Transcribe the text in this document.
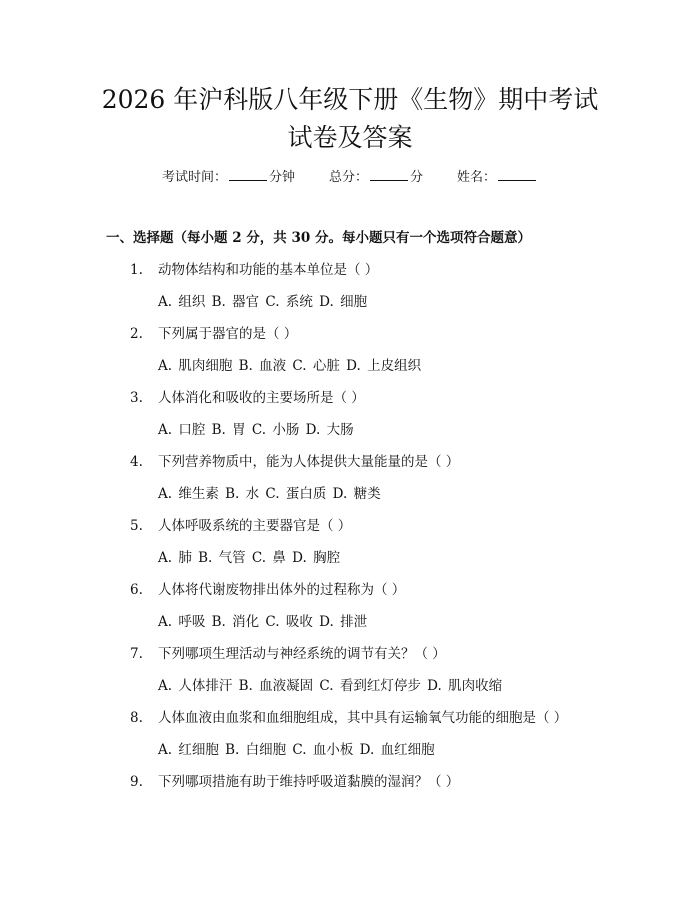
2026 年沪科版八年级下册《生物》期中考试
试卷及答案
考试时间：	分钟	总分：	分	姓名：
一、选择题（每小题 2 分，共 30 分。每小题只有一个选项符合题意）
1. 动物体结构和功能的基本单位是（ ）
A. 组织 B. 器官 C. 系统 D. 细胞
2. 下列属于器官的是（ ）
A. 肌肉细胞 B. 血液 C. 心脏 D. 上皮组织
3. 人体消化和吸收的主要场所是（ ）
A. 口腔 B. 胃 C. 小肠 D. 大肠
4. 下列营养物质中，能为人体提供大量能量的是（ ）
A. 维生素 B. 水 C. 蛋白质 D. 糖类
5. 人体呼吸系统的主要器官是（ ）
A. 肺 B. 气管 C. 鼻 D. 胸腔
6. 人体将代谢废物排出体外的过程称为（ ）
A. 呼吸 B. 消化 C. 吸收 D. 排泄
7. 下列哪项生理活动与神经系统的调节有关？（ ）
A. 人体排汗 B. 血液凝固 C. 看到红灯停步 D. 肌肉收缩
8. 人体血液由血浆和血细胞组成，其中具有运输氧气功能的细胞是（ ）
A. 红细胞 B. 白细胞 C. 血小板 D. 血红细胞
9. 下列哪项措施有助于维持呼吸道黏膜的湿润？（ ）
